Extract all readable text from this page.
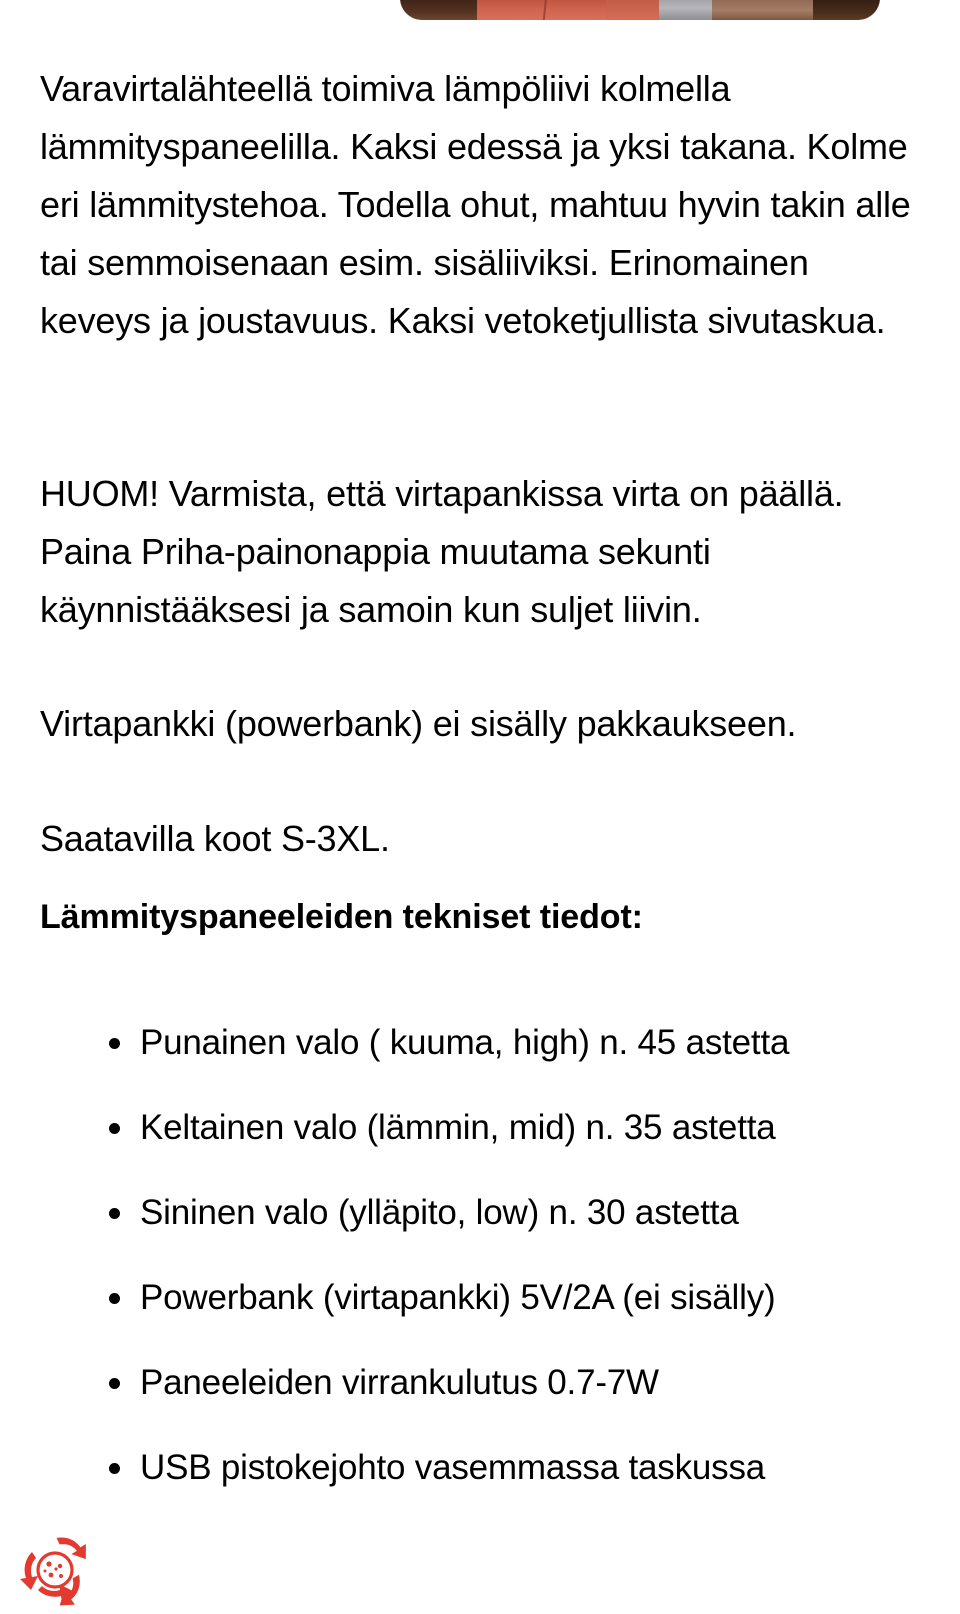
Varavirtalähteellä toimiva lämpöliivi kolmella lämmityspaneelilla. Kaksi edessä ja yksi takana. Kolme eri lämmitystehoa. Todella ohut, mahtuu hyvin takin alle tai semmoisenaan esim. sisäliiviksi. Erinomainen keveys ja joustavuus. Kaksi vetoketjullista sivutaskua.

HUOM! Varmista, että virtapankissa virta on päällä. Paina Priha-painonappia muutama sekunti käynnistääksesi ja samoin kun suljet liivin.

Virtapankki (powerbank) ei sisälly pakkaukseen.

Saatavilla koot S-3XL.

Lämmityspaneeleiden tekniset tiedot:
Punainen valo ( kuuma, high) n. 45 astetta
Keltainen valo (lämmin, mid) n. 35 astetta
Sininen valo (ylläpito, low) n. 30 astetta
Powerbank (virtapankki) 5V/2A (ei sisälly)
Paneeleiden virrankulutus 0.7-7W
USB pistokejohto vasemmassa taskussa
